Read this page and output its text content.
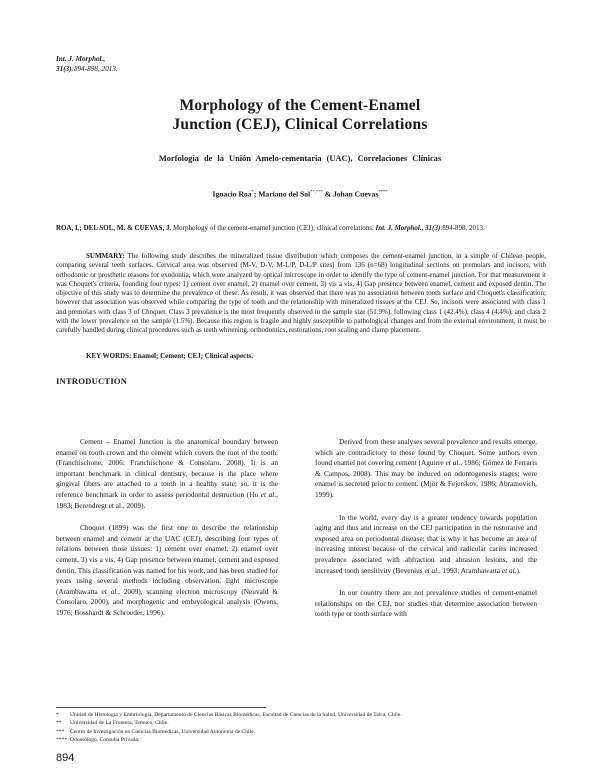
Int. J. Morphol.,
31(3):894-898, 2013.
Morphology of the Cement-Enamel
Junction (CEJ), Clinical Correlations
Morfología de la Unión Amelo-cementaria (UAC), Correlaciones Clínicas
Ignacio Roa*; Mariano del Sol**,*** & Johan Cuevas****
ROA, I.; DEL SOL, M. & CUEVAS, J. Morphology of the cement-enamel junction (CEJ), clinical correlations. Int. J. Morphol., 31(3):894-898, 2013.
SUMMARY: The following study describes the mineralized tissue distribution which composes the cement-enamel junction, in a simple of Chilean people, comparing several teeth surfaces. Cervical area was observed (M-V, D-V, M-L/P, D-L/P sites) from 136 (n=68) longitudinal sections on premolars and incisors, with orthodontic or prosthetic reasons for exodontia, which were analyzed by optical microscope in order to identify the type of cement-enamel junction. For that measurement it was Choquet's criteria, founding four types: 1) cement over enamel, 2) enamel over cement, 3) vis a vis, 4) Gap presence between enamel, cement and exposed dentin. The objective of this study was to determine the prevalence of these. As result, it was observed that there was no association between tooth surface and Choquet's classification; however that association was observed while comparing the type of tooth and the relationship with mineralized tissues at the CEJ. So, incisors were associated with class 1 and premolars with class 3 of Choquet. Class 3 prevalence is the most frequently observed in the sample size (51.9%), following class 1 (42.4%), class 4 (4.4%), and class 2 with the lower prevalence on the sample (1.5%). Because this region is fragile and highly susceptible to pathological changes and from the external environment, it must be carefully handled during clinical procedures such as teeth whitening, orthodontics, restorations, root scaling and clamp placement.
KEY WORDS: Enamel; Cement; CEJ; Clinical aspects.
INTRODUCTION

Cement – Enamel Junction is the anatomical boundary between enamel on tooth crown and the cement which covers the root of the tooth. (Franchischone, 2006; Franchischone & Consolaro, 2008). It is an important benchmark in clinical dentistry, because is the place where gingival fibers are attached to a tooth in a healthy state; so, it is the reference benchmark in order to assess periodontal destruction (Hu et al., 1983; Berendregt et al., 2009).

Choquet (1899) was the first one to describe the relationship between enamel and cement at the UAC (CEJ), describing four types of relations between those tissues: 1) cement over enamel, 2) enamel over cement, 3) vis a vis, 4) Gap presence between enamel, cement and exposed dentin. This classification was named for his work, and has been studied for years using several methods including observation, light microscope (Arambawatta et al., 2009), scanning electron microscopy (Neuvald & Consolaro, 2000), and morphogenic and embryological analysis (Owens, 1976; Bosshardt & Schroeder, 1996).

Derived from these analyses several prevalence and results emerge, which are contradictory to those found by Choquet. Some authors even found enamel not covering cement (Aguirre et al., 1986; Gómez de Ferraris & Campos, 2008). This may be induced on odontogenesis stages; were enamel is secreted prior to cement. (Mjör & Fejerskov, 1986; Abramovich, 1999).

In the world, every day is a greater tendency towards population aging and thus and increase on the CEJ participation in the restorative and exposed area on periodontal disease; that is why it has become an area of increasing interest because of the cervical and radicular caries increased prevalence associated with abfraction and abrasion lesions, and the increased tooth sensitivity (Bevenius et al., 1993; Aramhawatta et al.).

In our country there are not prevalence studies of cement-enamel relationships on the CEJ, nor studies that determine association between tooth type or tooth surface with

*	Unidad de Histología y Embriología, Departamento de Ciencias Básicas Biomédicas, Facultad de Ciencias de la Salud, Universidad de Talca, Chile.
**	Universidad de La Frontera, Temuco, Chile.
***	Centro de Investigación en Ciencias Biomédicas, Universidad Autónoma de Chile.
**** Odontólogo, Consulta Privada.
894
